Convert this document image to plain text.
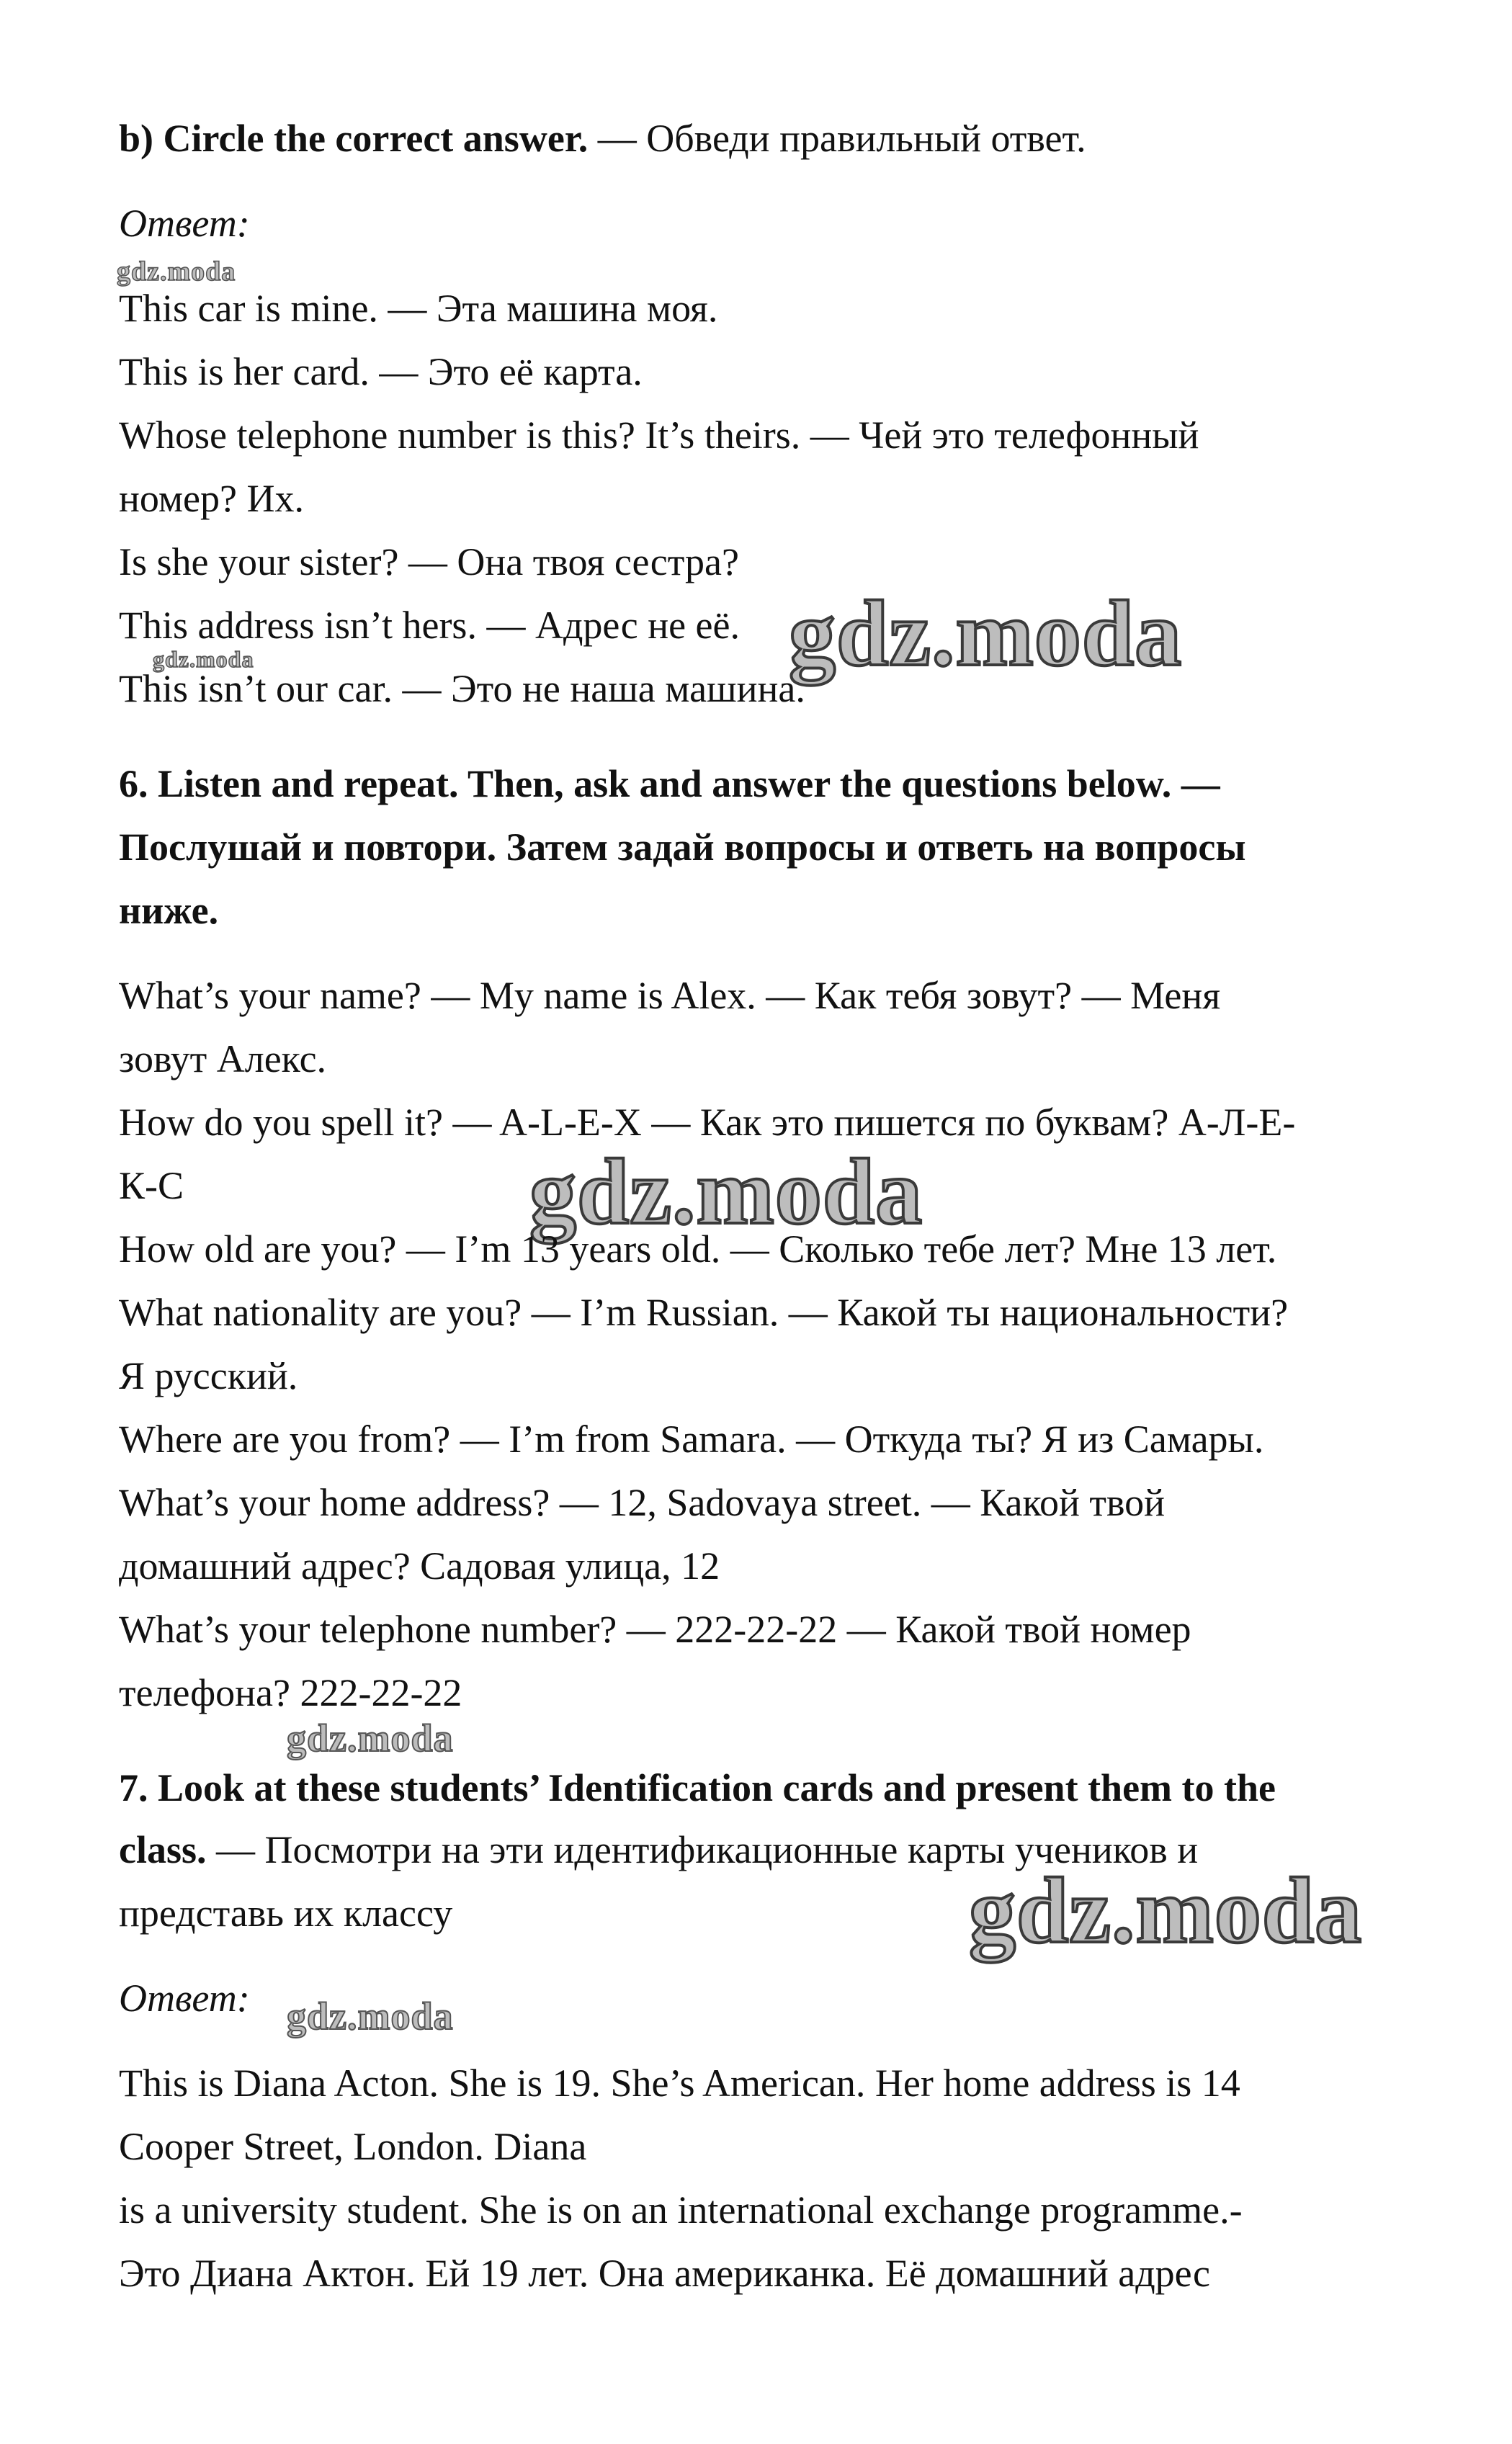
b) Circle the correct answer. — Обведи правильный ответ.
Ответ:
gdz.moda
This car is mine. — Эта машина моя.
This is her card. — Это её карта.
Whose telephone number is this? It’s theirs. — Чей это телефонный
номер? Их.
Is she your sister? — Она твоя сестра?
This address isn’t hers. — Адрес не её. gdz.moda
gdz.moda
This isn’t our car. — Это не наша машина.
6. Listen and repeat. Then, ask and answer the questions below. —
Послушай и повтори. Затем задай вопросы и ответь на вопросы
ниже.
What’s your name? — My name is Alex. — Как тебя зовут? — Меня
зовут Алекс.
How do you spell it? — A-L-E-X — Как это пишется по буквам? А-Л-Е-
gdz.moda
К-С
How old are you? — I’m 13 years old. — Сколько тебе лет? Мне 13 лет.
What nationality are you? — I’m Russian. — Какой ты национальности?
Я русский.
Where are you from? — I’m from Samara. — Откуда ты? Я из Самары.
What’s your home address? — 12, Sadovaya street. — Какой твой
домашний адрес? Садовая улица, 12
What’s your telephone number? — 222-22-22 — Какой твой номер
телефона? 222-22-22
gdz.moda
7. Look at these students’ Identification cards and present them to the
class. — Посмотри на эти идентификационные карты учеников и
представь их классу	gdz.moda
Ответ: gdz.moda
This is Diana Acton. She is 19. She’s American. Her home address is 14
Cooper Street, London. Diana
is a university student. She is on an international exchange programme.-
Это Диана Актон. Ей 19 лет. Она американка. Её домашний адрес
